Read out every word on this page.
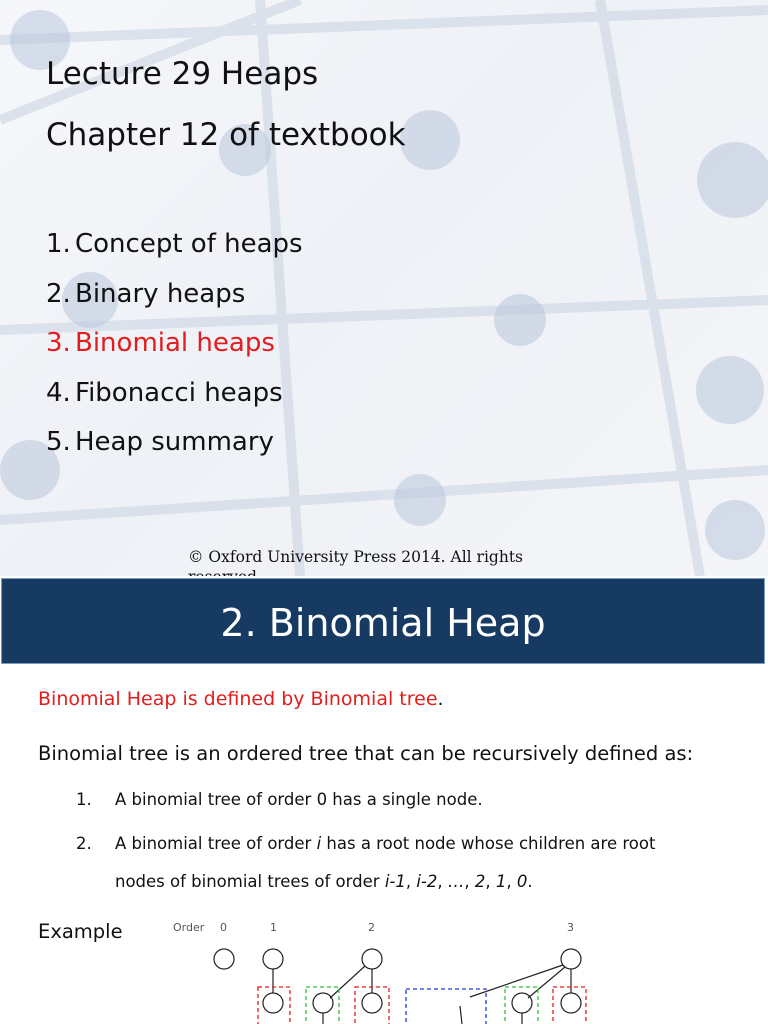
Lecture 29 Heaps
Chapter 12 of textbook
1. Concept of heaps
2. Binary heaps
3. Binomial heaps
4. Fibonacci heaps
5. Heap summary
© Oxford University Press 2014. All rights
2. Binomial Heap
Binomial Heap is defined by Binomial tree.
Binomial tree is an ordered tree that can be recursively defined as:
1. A binomial tree of order 0 has a single node.
2. A binomial tree of order i has a root node whose children are root
nodes of binomial trees of order i-1, i-2, …, 2, 1, 0.
Example	Order 0	1	2	3
